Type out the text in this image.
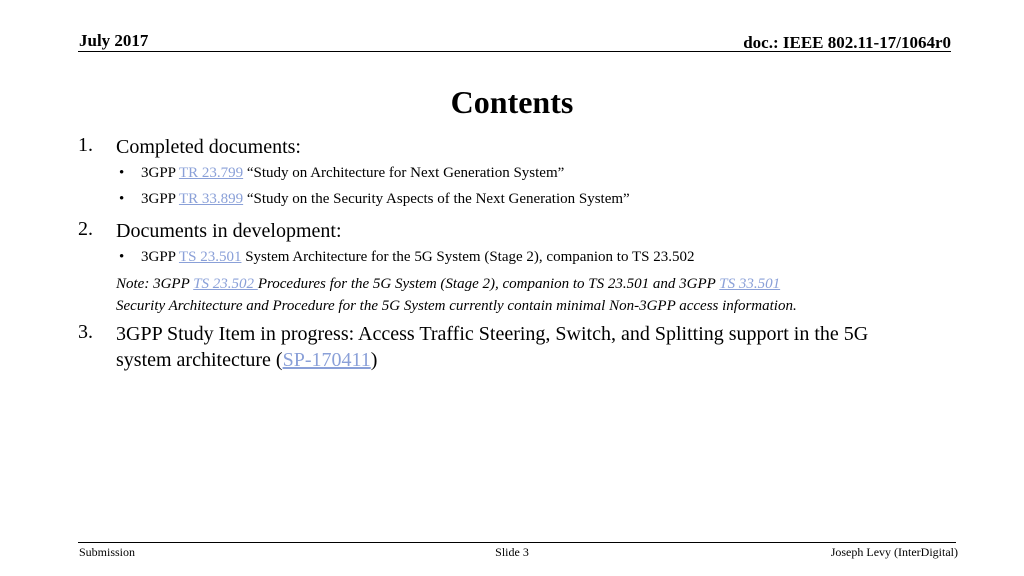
July 2017	doc.: IEEE 802.11-17/1064r0
Contents
1. Completed documents:
• 3GPP TR 23.799 “Study on Architecture for Next Generation System”
• 3GPP TR 33.899 “Study on the Security Aspects of the Next Generation System”
2. Documents in development:
• 3GPP TS 23.501 System Architecture for the 5G System (Stage 2), companion to TS 23.502
Note: 3GPP TS 23.502 Procedures for the 5G System (Stage 2), companion to TS 23.501 and 3GPP TS 33.501
Security Architecture and Procedure for the 5G System currently contain minimal Non-3GPP access information.
3. 3GPP Study Item in progress: Access Traffic Steering, Switch, and Splitting support in the 5G
system architecture (SP-170411)
Submission	Slide 3	Joseph Levy (InterDigital)
